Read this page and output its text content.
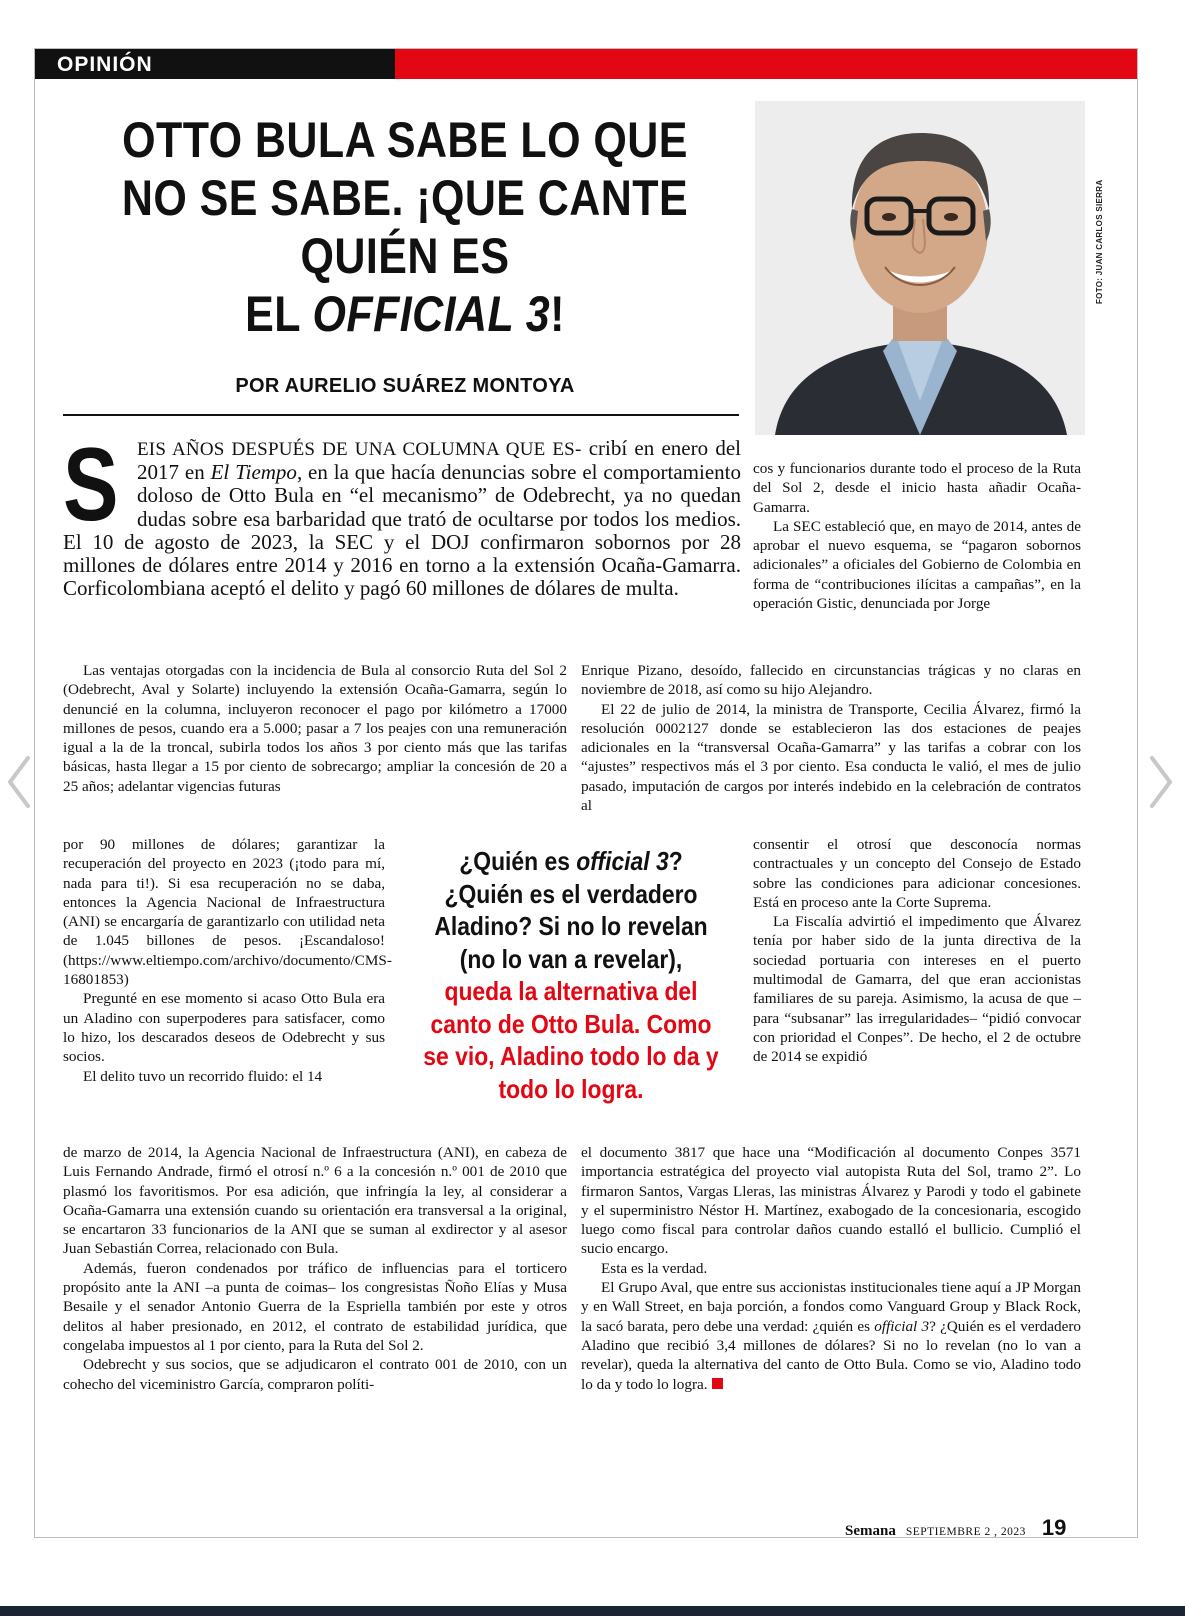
OPINIÓN
OTTO BULA SABE LO QUE
NO SE SABE. ¡QUE CANTE
QUIÉN ES
EL OFFICIAL 3!
POR AURELIO SUÁREZ MONTOYA
FOTO: JUAN CARLOS SIERRA
SEIS AÑOS DESPUÉS DE UNA COLUMNA QUE ES- cribí en enero del 2017 en El Tiempo, en la que hacía denuncias sobre el comportamiento doloso de Otto Bula en “el mecanismo” de Odebrecht, ya no quedan dudas sobre esa barbaridad que trató de ocultarse por todos los medios. El 10 de agosto de 2023, la SEC y el DOJ confirmaron sobornos por 28 millones de dólares entre 2014 y 2016 en torno a la extensión Ocaña-Gamarra. Corficolombiana aceptó el delito y pagó 60 millones de dólares de multa.

cos y funcionarios durante todo el proceso de la Ruta del Sol 2, desde el inicio hasta añadir Ocaña-Gamarra.

La SEC estableció que, en mayo de 2014, antes de aprobar el nuevo esquema, se “pagaron sobornos adicionales” a oficiales del Gobierno de Colombia en forma de “contribuciones ilícitas a campañas”, en la operación Gistic, denunciada por Jorge

Las ventajas otorgadas con la incidencia de Bula al consorcio Ruta del Sol 2 (Odebrecht, Aval y Solarte) incluyendo la extensión Ocaña-Gamarra, según lo denuncié en la columna, incluyeron reconocer el pago por kilómetro a 17000 millones de pesos, cuando era a 5.000; pasar a 7 los peajes con una remuneración igual a la de la troncal, subirla todos los años 3 por ciento más que las tarifas básicas, hasta llegar a 15 por ciento de sobrecargo; ampliar la concesión de 20 a 25 años; adelantar vigencias futuras

por 90 millones de dólares; garantizar la recuperación del proyecto en 2023 (¡todo para mí, nada para ti!). Si esa recuperación no se daba, entonces la Agencia Nacional de Infraestructura (ANI) se encargaría de garantizarlo con utilidad neta de 1.045 billones de pesos. ¡Escandaloso! (https://www.eltiempo.com/archivo/documento/CMS-16801853)

Pregunté en ese momento si acaso Otto Bula era un Aladino con superpoderes para satisfacer, como lo hizo, los descarados deseos de Odebrecht y sus socios.

El delito tuvo un recorrido fluido: el 14

de marzo de 2014, la Agencia Nacional de Infraestructura (ANI), en cabeza de Luis Fernando Andrade, firmó el otrosí n.º 6 a la concesión n.º 001 de 2010 que plasmó los favoritismos. Por esa adición, que infringía la ley, al considerar a Ocaña-Gamarra una extensión cuando su orientación era transversal a la original, se encartaron 33 funcionarios de la ANI que se suman al exdirector y al asesor Juan Sebastián Correa, relacionado con Bula.

Además, fueron condenados por tráfico de influencias para el torticero propósito ante la ANI –a punta de coimas– los congresistas Ñoño Elías y Musa Besaile y el senador Antonio Guerra de la Espriella también por este y otros delitos al haber presionado, en 2012, el contrato de estabilidad jurídica, que congelaba impuestos al 1 por ciento, para la Ruta del Sol 2.

Odebrecht y sus socios, que se adjudicaron el contrato 001 de 2010, con un cohecho del viceministro García, compraron políti-

Enrique Pizano, desoído, fallecido en circunstancias trágicas y no claras en noviembre de 2018, así como su hijo Alejandro.

El 22 de julio de 2014, la ministra de Transporte, Cecilia Álvarez, firmó la resolución 0002127 donde se establecieron las dos estaciones de peajes adicionales en la “transversal Ocaña-Gamarra” y las tarifas a cobrar con los “ajustes” respectivos más el 3 por ciento. Esa conducta le valió, el mes de julio pasado, imputación de cargos por interés indebido en la celebración de contratos al

consentir el otrosí que desconocía normas contractuales y un concepto del Consejo de Estado sobre las condiciones para adicionar concesiones. Está en proceso ante la Corte Suprema.

La Fiscalía advirtió el impedimento que Álvarez tenía por haber sido de la junta directiva de la sociedad portuaria con intereses en el puerto multimodal de Gamarra, del que eran accionistas familiares de su pareja. Asimismo, la acusa de que –para “subsanar” las irregularidades– “pidió convocar con prioridad el Conpes”. De hecho, el 2 de octubre de 2014 se expidió

el documento 3817 que hace una “Modificación al documento Conpes 3571 importancia estratégica del proyecto vial autopista Ruta del Sol, tramo 2”. Lo firmaron Santos, Vargas Lleras, las ministras Álvarez y Parodi y todo el gabinete y el superministro Néstor H. Martínez, exabogado de la concesionaria, escogido luego como fiscal para controlar daños cuando estalló el bullicio. Cumplió el sucio encargo.

Esta es la verdad.

El Grupo Aval, que entre sus accionistas institucionales tiene aquí a JP Morgan y en Wall Street, en baja porción, a fondos como Vanguard Group y Black Rock, la sacó barata, pero debe una verdad: ¿quién es official 3? ¿Quién es el verdadero Aladino que recibió 3,4 millones de dólares? Si no lo revelan (no lo van a revelar), queda la alternativa del canto de Otto Bula. Como se vio, Aladino todo lo da y todo lo logra.

¿Quién es official 3? ¿Quién es el verdadero Aladino? Si no lo revelan (no lo van a revelar), queda la alternativa del canto de Otto Bula. Como se vio, Aladino todo lo da y todo lo logra.
Semana SEPTIEMBRE 2 , 2023 19
